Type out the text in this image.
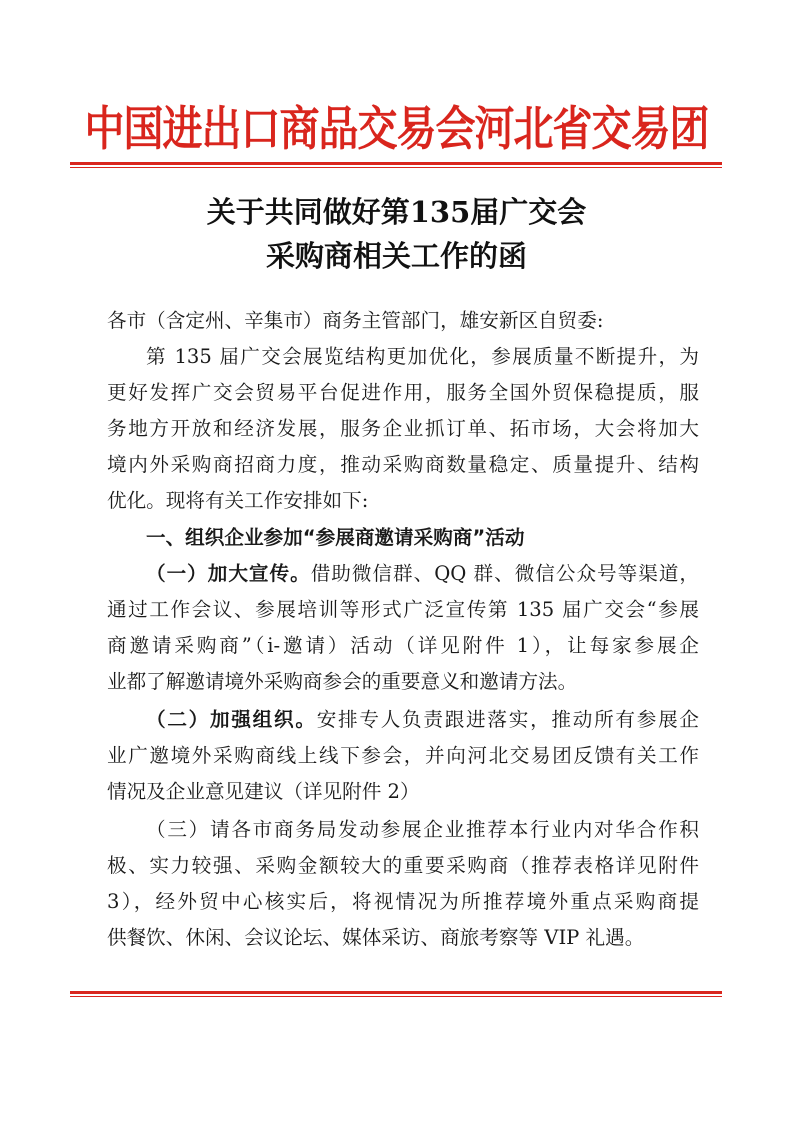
中国进出口商品交易会河北省交易团
关于共同做好第135届广交会
采购商相关工作的函
各市（含定州、辛集市）商务主管部门，雄安新区自贸委:
第 135 届广交会展览结构更加优化，参展质量不断提升，为
更好发挥广交会贸易平台促进作用，服务全国外贸保稳提质，服
务地方开放和经济发展，服务企业抓订单、拓市场，大会将加大
境内外采购商招商力度，推动采购商数量稳定、质量提升、结构
优化。现将有关工作安排如下:
一、组织企业参加“参展商邀请采购商”活动
（一）加大宣传。借助微信群、QQ 群、微信公众号等渠道，
通过工作会议、参展培训等形式广泛宣传第 135 届广交会“参展
商邀请采购商”（i-邀请）活动（详见附件 1），让每家参展企
业都了解邀请境外采购商参会的重要意义和邀请方法。
（二）加强组织。安排专人负责跟进落实，推动所有参展企
业广邀境外采购商线上线下参会，并向河北交易团反馈有关工作
情况及企业意见建议（详见附件 2）
（三）请各市商务局发动参展企业推荐本行业内对华合作积
极、实力较强、采购金额较大的重要采购商（推荐表格详见附件
3），经外贸中心核实后，将视情况为所推荐境外重点采购商提
供餐饮、休闲、会议论坛、媒体采访、商旅考察等 VIP 礼遇。
